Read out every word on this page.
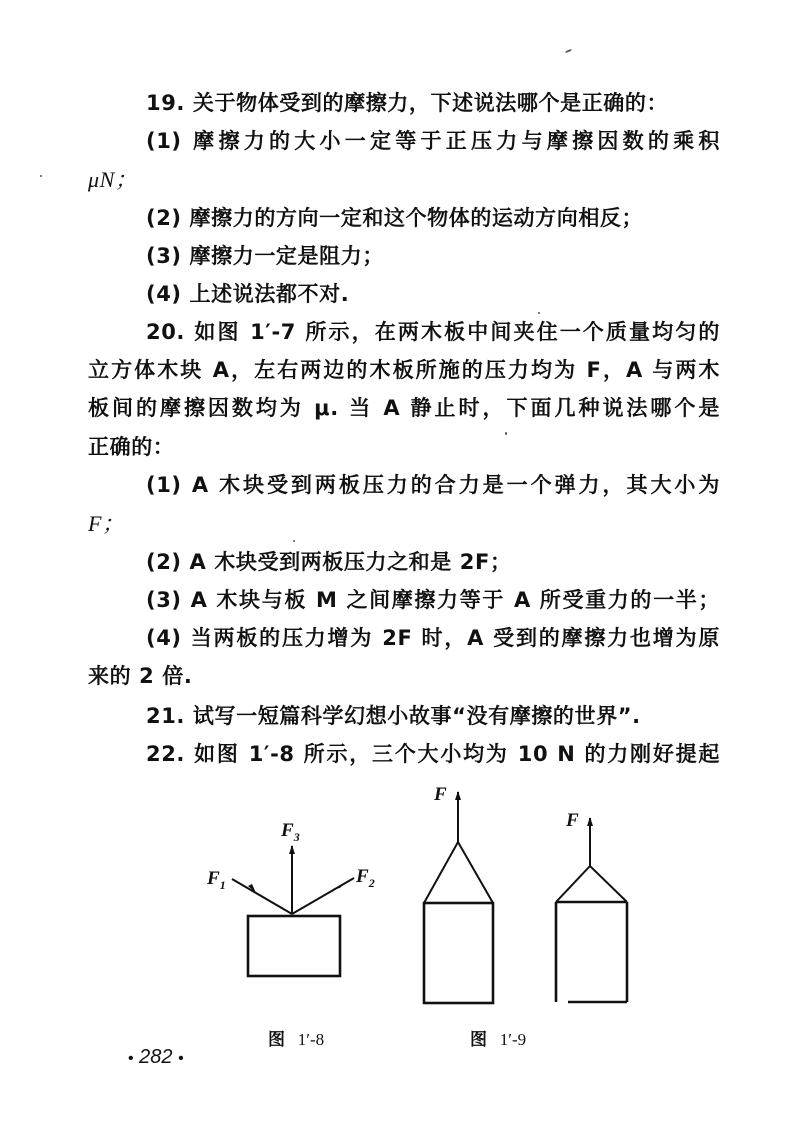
19. 关于物体受到的摩擦力，下述说法哪个是正确的：
(1) 摩擦力的大小一定等于正压力与摩擦因数的乘积
μN；
(2) 摩擦力的方向一定和这个物体的运动方向相反；
(3) 摩擦力一定是阻力；
(4) 上述说法都不对.
20. 如图 1′-7 所示，在两木板中间夹住一个质量均匀的
立方体木块 A，左右两边的木板所施的压力均为 F，A 与两木
板间的摩擦因数均为 μ. 当 A 静止时，下面几种说法哪个是
正确的：
(1) A 木块受到两板压力的合力是一个弹力，其大小为
F；
(2) A 木块受到两板压力之和是 2F；
(3) A 木块与板 M 之间摩擦力等于 A 所受重力的一半；
(4) 当两板的压力增为 2F 时，A 受到的摩擦力也增为原
来的 2 倍.
21. 试写一短篇科学幻想小故事“没有摩擦的世界”.
22. 如图 1′-8 所示，三个大小均为 10 N 的力刚好提起
$F_3$
$F_1$	$F_2$
F
F
图 1′-8	图 1′-9
• 282 •
